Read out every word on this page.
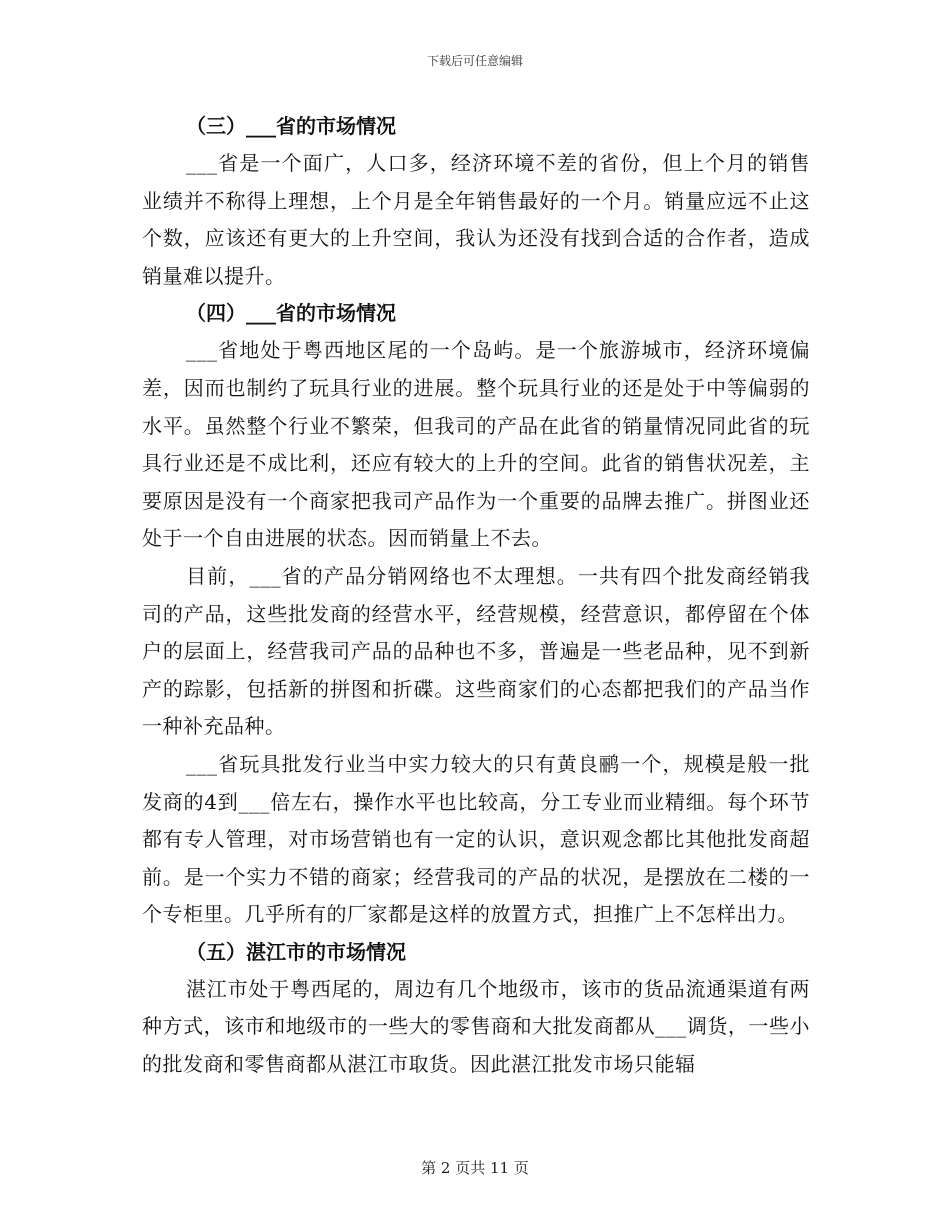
下载后可任意编辑
（三）___省的市场情况
___省是一个面广，人口多，经济环境不差的省份，但上个月的销售业绩并不称得上理想，上个月是全年销售最好的一个月。销量应远不止这个数，应该还有更大的上升空间，我认为还没有找到合适的合作者，造成销量难以提升。
（四）___省的市场情况
___省地处于粤西地区尾的一个岛屿。是一个旅游城市，经济环境偏差，因而也制约了玩具行业的进展。整个玩具行业的还是处于中等偏弱的水平。虽然整个行业不繁荣，但我司的产品在此省的销量情况同此省的玩具行业还是不成比利，还应有较大的上升的空间。此省的销售状况差，主要原因是没有一个商家把我司产品作为一个重要的品牌去推广。拼图业还处于一个自由进展的状态。因而销量上不去。
目前，___省的产品分销网络也不太理想。一共有四个批发商经销我司的产品，这些批发商的经营水平，经营规模，经营意识，都停留在个体户的层面上，经营我司产品的品种也不多，普遍是一些老品种，见不到新产的踪影，包括新的拼图和折碟。这些商家们的心态都把我们的产品当作一种补充品种。
___省玩具批发行业当中实力较大的只有黄良鹂一个，规模是般一批发商的4到___倍左右，操作水平也比较高，分工专业而业精细。每个环节都有专人管理，对市场营销也有一定的认识，意识观念都比其他批发商超前。是一个实力不错的商家；经营我司的产品的状况，是摆放在二楼的一个专柜里。几乎所有的厂家都是这样的放置方式，担推广上不怎样出力。
（五）湛江市的市场情况
湛江市处于粤西尾的，周边有几个地级市，该市的货品流通渠道有两种方式，该市和地级市的一些大的零售商和大批发商都从___调货，一些小的批发商和零售商都从湛江市取货。因此湛江批发市场只能辐
第 2 页共 11 页
